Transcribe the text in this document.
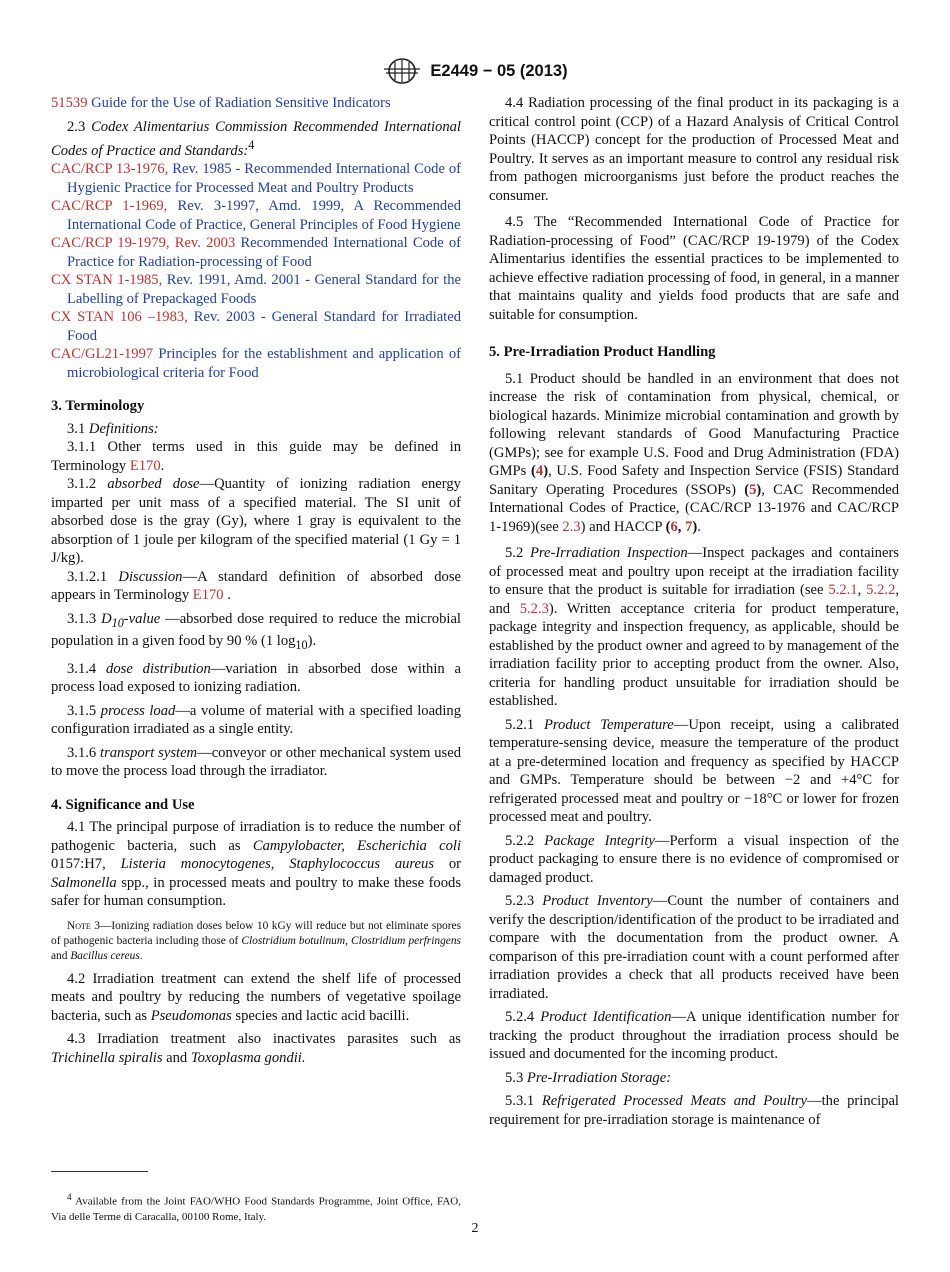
E2449 − 05 (2013)

51539 Guide for the Use of Radiation Sensitive Indicators

2.3 Codex Alimentarius Commission Recommended International Codes of Practice and Standards:$^4$

CAC/RCP 13-1976, Rev. 1985 - Recommended International Code of Hygienic Practice for Processed Meat and Poultry Products

CAC/RCP 1-1969, Rev. 3-1997, Amd. 1999, A Recommended International Code of Practice, General Principles of Food Hygiene

CAC/RCP 19-1979, Rev. 2003 Recommended International Code of Practice for Radiation-processing of Food

CX STAN 1-1985, Rev. 1991, Amd. 2001 - General Standard for the Labelling of Prepackaged Foods

CX STAN 106 –1983, Rev. 2003 - General Standard for Irradiated Food

CAC/GL21-1997 Principles for the establishment and application of microbiological criteria for Food

3. Terminology

3.1 Definitions:

3.1.1 Other terms used in this guide may be defined in Terminology E170.

3.1.2 absorbed dose—Quantity of ionizing radiation energy imparted per unit mass of a specified material. The SI unit of absorbed dose is the gray (Gy), where 1 gray is equivalent to the absorption of 1 joule per kilogram of the specified material (1 Gy = 1 J/kg).

3.1.2.1 Discussion—A standard definition of absorbed dose appears in Terminology E170 .

3.1.3 $D_{10}$-value —absorbed dose required to reduce the microbial population in a given food by 90 % (1 $\log_{10}$).

3.1.4 dose distribution—variation in absorbed dose within a process load exposed to ionizing radiation.

3.1.5 process load—a volume of material with a specified loading configuration irradiated as a single entity.

3.1.6 transport system—conveyor or other mechanical system used to move the process load through the irradiator.

4. Significance and Use

4.1 The principal purpose of irradiation is to reduce the number of pathogenic bacteria, such as Campylobacter, Escherichia coli 0157:H7, Listeria monocytogenes, Staphylococcus aureus or Salmonella spp., in processed meats and poultry to make these foods safer for human consumption.

Note 3—Ionizing radiation doses below 10 kGy will reduce but not eliminate spores of pathogenic bacteria including those of Clostridium botulinum, Clostridium perfringens and Bacillus cereus.

4.2 Irradiation treatment can extend the shelf life of processed meats and poultry by reducing the numbers of vegetative spoilage bacteria, such as Pseudomonas species and lactic acid bacilli.

4.3 Irradiation treatment also inactivates parasites such as Trichinella spiralis and Toxoplasma gondii.

$^4$ Available from the Joint FAO/WHO Food Standards Programme, Joint Office, FAO, Via delle Terme di Caracalla, 00100 Rome, Italy.

4.4 Radiation processing of the final product in its packaging is a critical control point (CCP) of a Hazard Analysis of Critical Control Points (HACCP) concept for the production of Processed Meat and Poultry. It serves as an important measure to control any residual risk from pathogen microorganisms just before the product reaches the consumer.

4.5 The “Recommended International Code of Practice for Radiation-processing of Food” (CAC/RCP 19-1979) of the Codex Alimentarius identifies the essential practices to be implemented to achieve effective radiation processing of food, in general, in a manner that maintains quality and yields food products that are safe and suitable for consumption.

5. Pre-Irradiation Product Handling

5.1 Product should be handled in an environment that does not increase the risk of contamination from physical, chemical, or biological hazards. Minimize microbial contamination and growth by following relevant standards of Good Manufacturing Practice (GMPs); see for example U.S. Food and Drug Administration (FDA) GMPs (4), U.S. Food Safety and Inspection Service (FSIS) Standard Sanitary Operating Procedures (SSOPs) (5), CAC Recommended International Codes of Practice, (CAC/RCP 13-1976 and CAC/RCP 1-1969)(see 2.3) and HACCP (6, 7).

5.2 Pre-Irradiation Inspection—Inspect packages and containers of processed meat and poultry upon receipt at the irradiation facility to ensure that the product is suitable for irradiation (see 5.2.1, 5.2.2, and 5.2.3). Written acceptance criteria for product temperature, package integrity and inspection frequency, as applicable, should be established by the product owner and agreed to by management of the irradiation facility prior to accepting product from the owner. Also, criteria for handling product unsuitable for irradiation should be established.

5.2.1 Product Temperature—Upon receipt, using a calibrated temperature-sensing device, measure the temperature of the product at a pre-determined location and frequency as specified by HACCP and GMPs. Temperature should be between −2 and +4°C for refrigerated processed meat and poultry or −18°C or lower for frozen processed meat and poultry.

5.2.2 Package Integrity—Perform a visual inspection of the product packaging to ensure there is no evidence of compromised or damaged product.

5.2.3 Product Inventory—Count the number of containers and verify the description/identification of the product to be irradiated and compare with the documentation from the product owner. A comparison of this pre-irradiation count with a count performed after irradiation provides a check that all products received have been irradiated.

5.2.4 Product Identification—A unique identification number for tracking the product throughout the irradiation process should be issued and documented for the incoming product.

5.3 Pre-Irradiation Storage:

5.3.1 Refrigerated Processed Meats and Poultry—the principal requirement for pre-irradiation storage is maintenance of

2
